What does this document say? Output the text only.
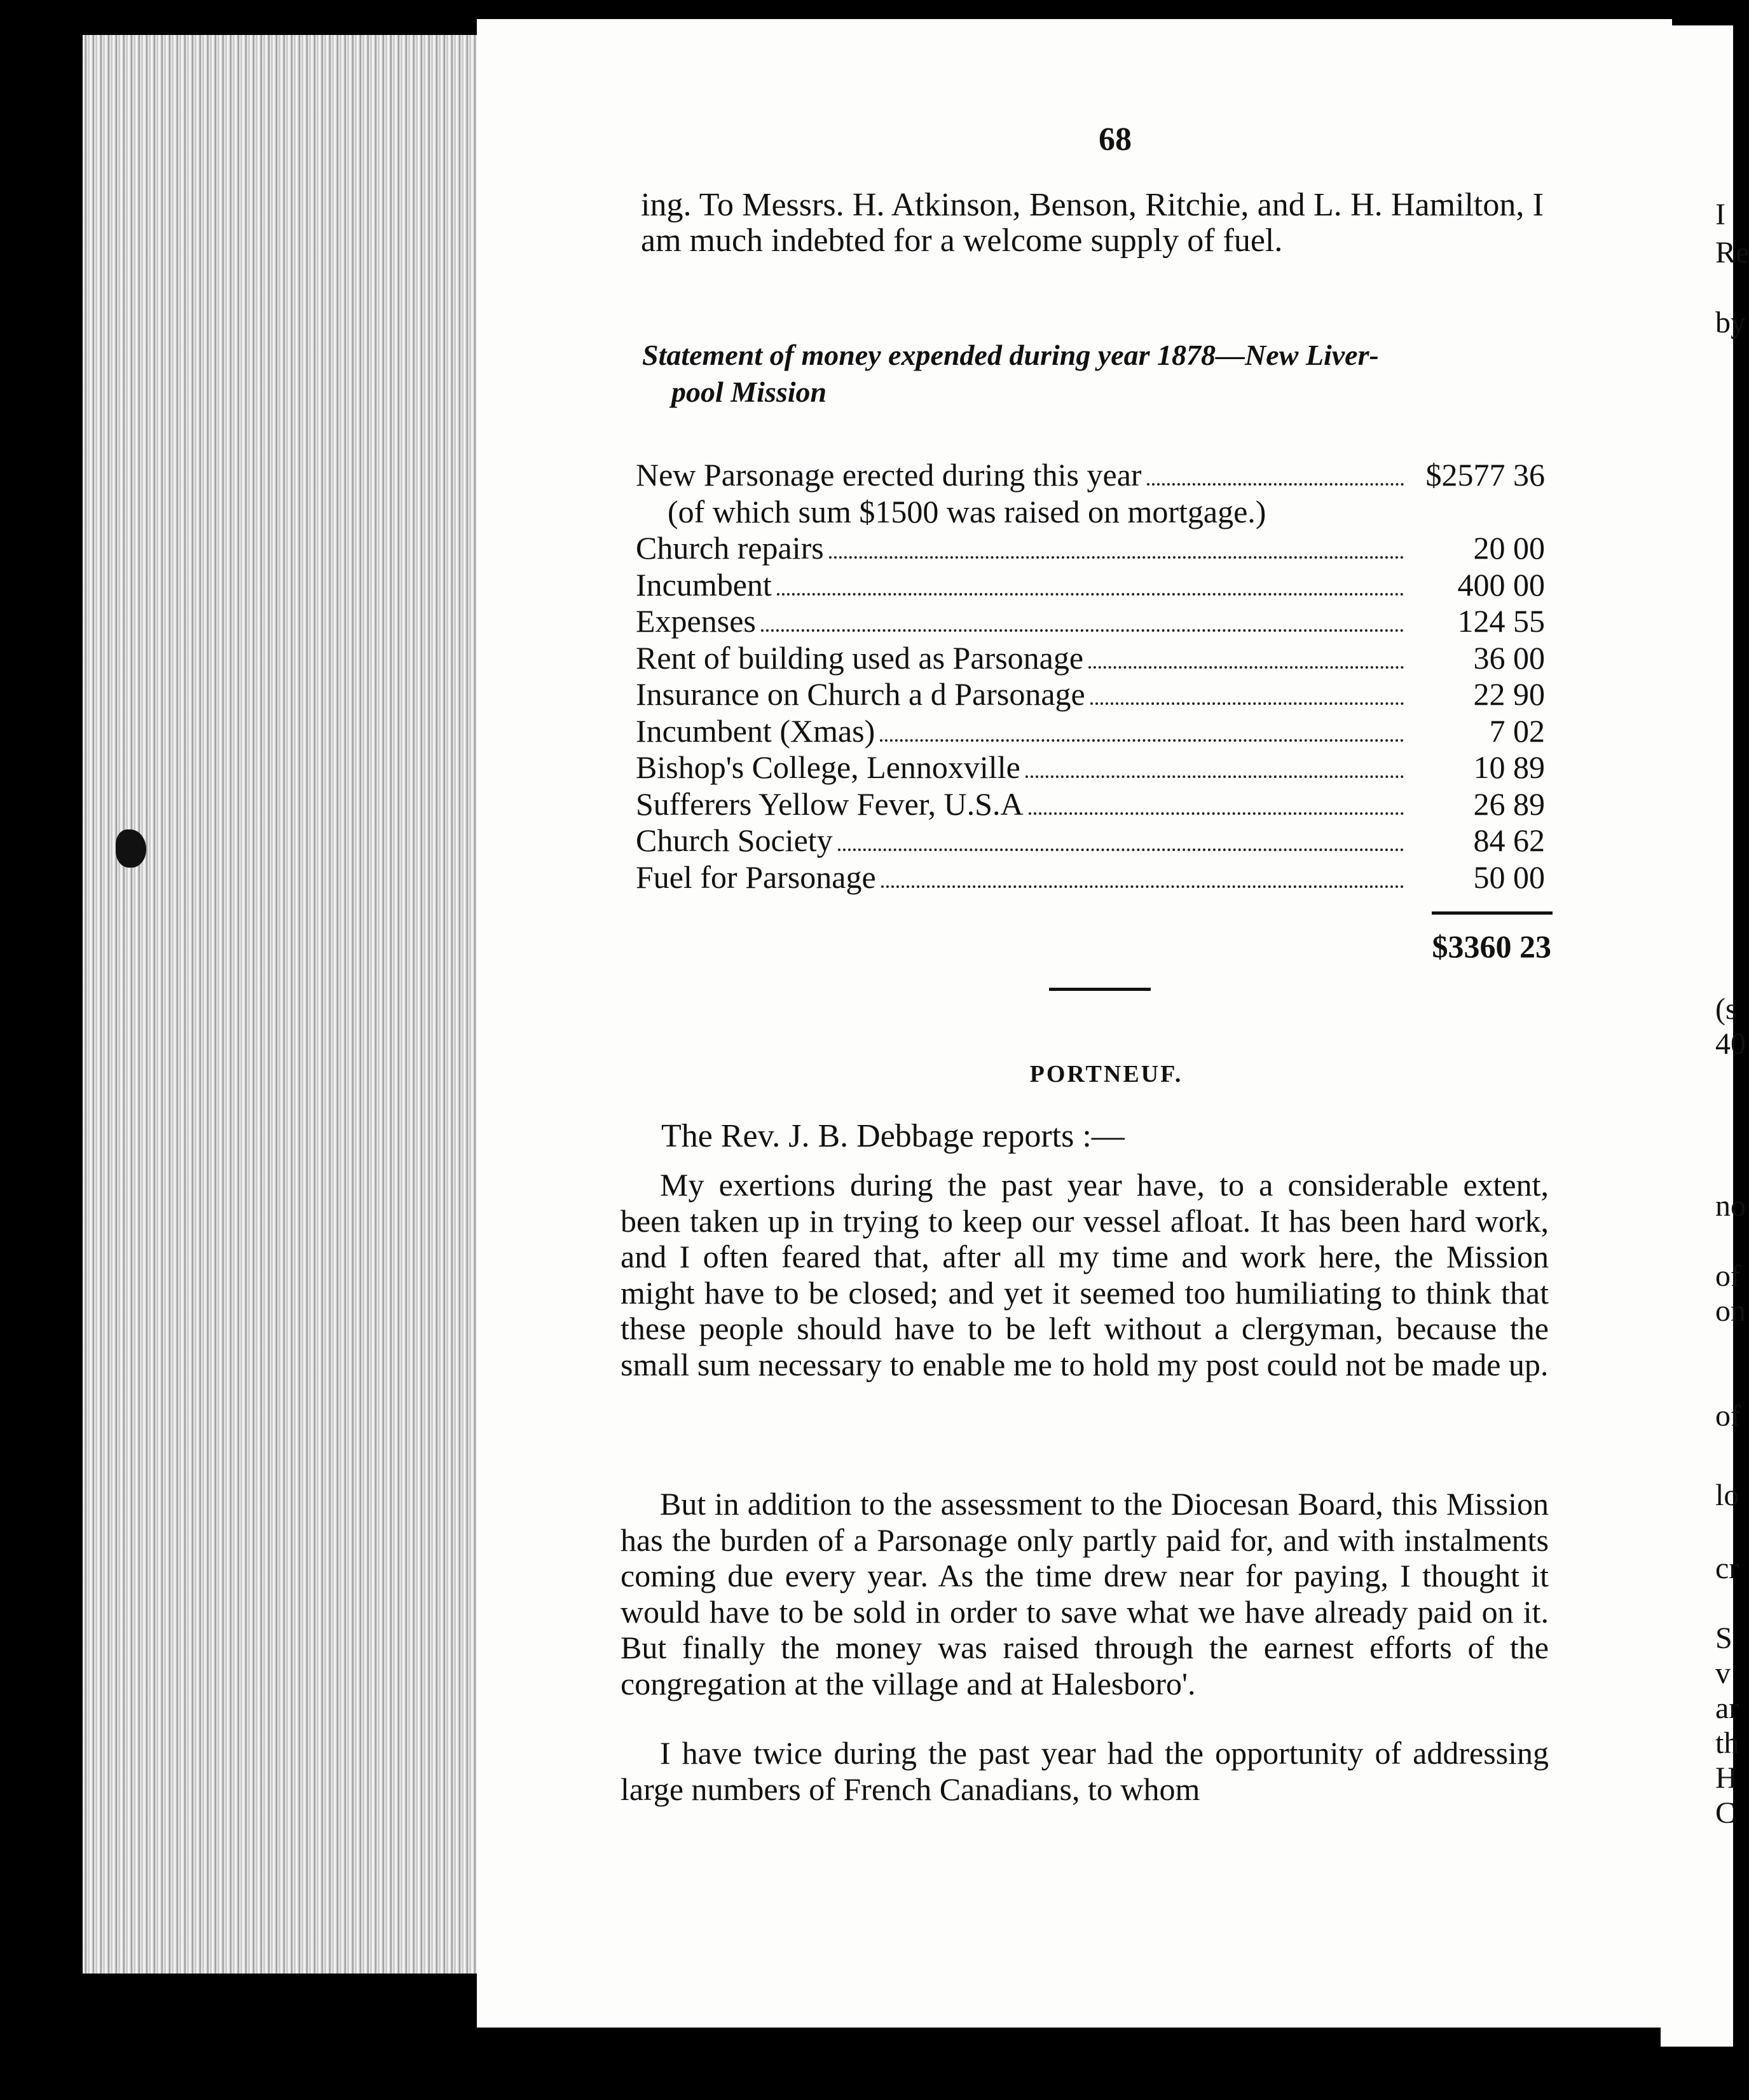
68
ing. To Messrs. H. Atkinson, Benson, Ritchie, and L. H. Hamilton, I am much indebted for a welcome supply of fuel.
Statement of money expended during year 1878—New Liver-
pool Mission
New Parsonage erected during this year	$2577 36
(of which sum $1500 was raised on mortgage.)
Church repairs	20 00
Incumbent	400 00
Expenses	124 55
Rent of building used as Parsonage	36 00
Insurance on Church a d Parsonage	22 90
Incumbent (Xmas)	7 02
Bishop's College, Lennoxville	10 89
Sufferers Yellow Fever, U.S.A	26 89
Church Society	84 62
Fuel for Parsonage	50 00
$3360 23
PORTNEUF.
The Rev. J. B. Debbage reports :—
My exertions during the past year have, to a considerable extent, been taken up in trying to keep our vessel afloat. It has been hard work, and I often feared that, after all my time and work here, the Mission might have to be closed; and yet it seemed too humiliating to think that these people should have to be left without a clergyman, because the small sum necessary to enable me to hold my post could not be made up.
But in addition to the assessment to the Diocesan Board, this Mission has the burden of a Parsonage only partly paid for, and with instalments coming due every year. As the time drew near for paying, I thought it would have to be sold in order to save what we have already paid on it. But finally the money was raised through the earnest efforts of the congregation at the village and at Halesboro'.
I have twice during the past year had the opportunity of addressing large numbers of French Canadians, to whom
I
Re
by
(s
40
no
of
on
of
lo
cr
S
v
ar
th
H
C
